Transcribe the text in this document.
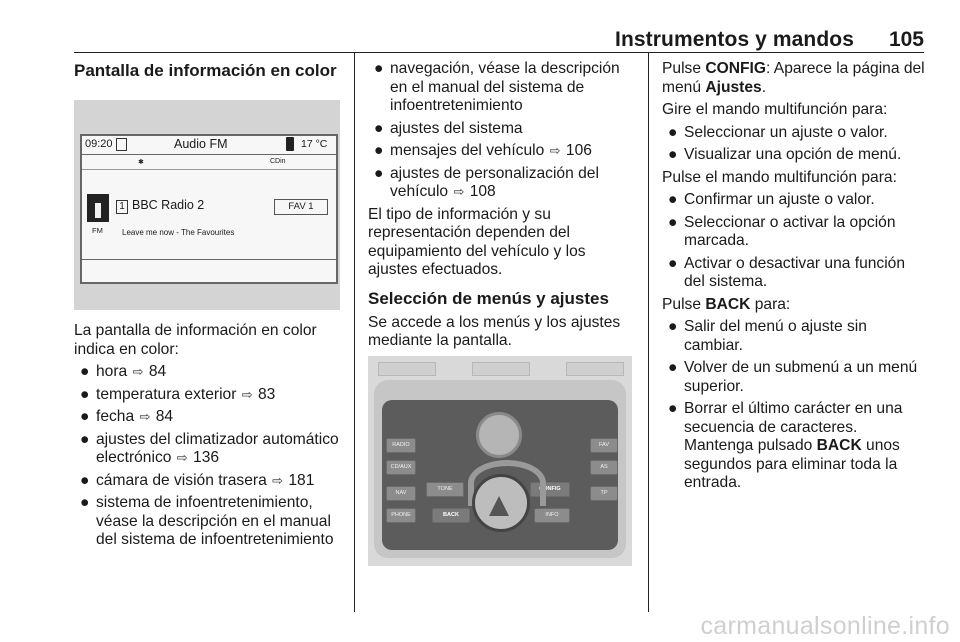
Instrumentos y mandos 105
Pantalla de información en color
09:20	Audio FM	17 °C
✱	CDin
FM
1 BBC Radio 2	FAV 1
Leave me now - The Favourites
La pantalla de información en color indica en color:
● hora ⇨ 84
● temperatura exterior ⇨ 83
● fecha ⇨ 84
● ajustes del climatizador automático electrónico ⇨ 136
● cámara de visión trasera ⇨ 181
● sistema de infoentretenimiento, véase la descripción en el manual del sistema de infoentretenimiento
● navegación, véase la descripción en el manual del sistema de infoentretenimiento
● ajustes del sistema
● mensajes del vehículo ⇨ 106
● ajustes de personalización del vehículo ⇨ 108
El tipo de información y su representación dependen del equipamiento del vehículo y los ajustes efectuados.
Selección de menús y ajustes
Se accede a los menús y los ajustes mediante la pantalla.
RADIO
CD/AUX
NAV
PHONE
FAV
AS
TP
TONE
BACK
CONFIG
INFO
Pulse CONFIG: Aparece la página del menú Ajustes.
Gire el mando multifunción para:
● Seleccionar un ajuste o valor.
● Visualizar una opción de menú.
Pulse el mando multifunción para:
● Confirmar un ajuste o valor.
● Seleccionar o activar la opción marcada.
● Activar o desactivar una función del sistema.
Pulse BACK para:
● Salir del menú o ajuste sin cambiar.
● Volver de un submenú a un menú superior.
● Borrar el último carácter en una secuencia de caracteres. Mantenga pulsado BACK unos segundos para eliminar toda la entrada.
carmanualsonline.info
